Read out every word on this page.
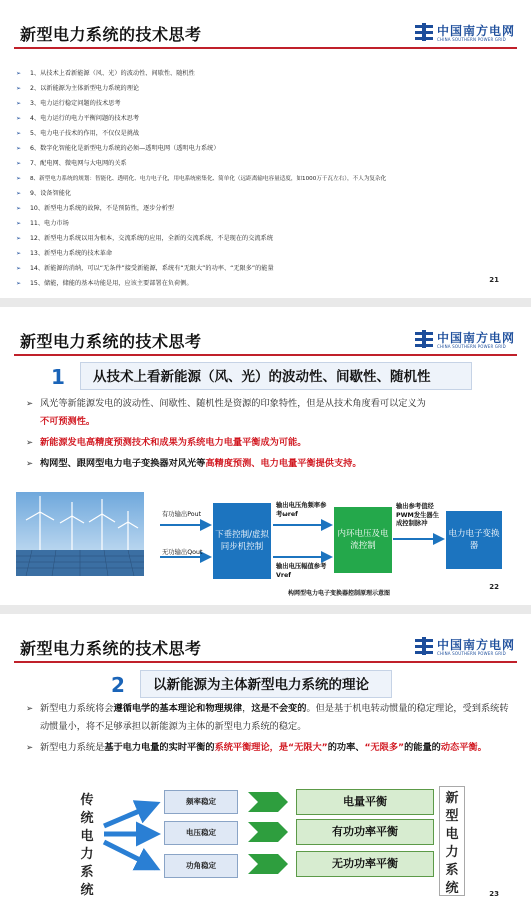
新型电力系统的技术思考	中国南方电网
CHINA SOUTHERN POWER GRID
➢ 1、从技术上看新能源（风、光）的波动性、间歇性、随机性
➢ 2、以新能源为主体新型电力系统的理论
➢ 3、电力运行稳定问题的技术思考
➢ 4、电力运行的电力平衡问题的技术思考
➢ 5、电力电子技术的作用，不仅仅是挑战
➢ 6、数字化智能化是新型电力系统的必须—透明电网（透明电力系统）
➢ 7、配电网、微电网与大电网的关系
➢ 8、新型电力系统的规划：智能化、透明化、电力电子化，用电系统密集化、简单化（远距离输电容量适度，如1000万千瓦左右），不人为复杂化
➢ 9、设备智能化
➢ 10、新型电力系统的故障，不是预防性，逐步分析型
➢ 11、电力市场
➢ 12、新型电力系统以用为根本，交流系统的应用，全新的交流系统，不是现在的交流系统
➢ 13、新型电力系统的技术革命
➢ 14、新能源的消纳，可以“无条件”接受新能源，系统有“无限大”的功率、“无限多”的能量
➢ 15、储能，储能的基本功能是用，应该主要部署在负荷侧。	21
新型电力系统的技术思考	中国南方电网
CHINA SOUTHERN POWER GRID
1	从技术上看新能源（风、光）的波动性、间歇性、随机性
➢ 风光等新能源发电的波动性、间歇性、随机性是资源的印象特性，但是从技术角度看可以定义为
不可预测性。
➢ 新能源发电高精度预测技术和成果为系统电力电量平衡成为可能。
➢ 构网型、跟网型电力电子变换器对风光等高精度预测、电力电量平衡提供支持。
有功输出Pout
无功输出Qout
下垂控制/虚拟同步机控制
输出电压角频率参考ωref
输出电压幅值参考Vref
内环电压及电流控制
输出参考值经PWM发生器生成控制脉冲
电力电子变换器
构网型电力电子变换器控制原理示意图
22
新型电力系统的技术思考	中国南方电网
CHINA SOUTHERN POWER GRID
2	以新能源为主体新型电力系统的理论
➢ 新型电力系统将会遵循电学的基本理论和物理规律，这是不会变的。但是基于机电转动惯量的稳定理论，受到系统转动惯量小，将不足够承担以新能源为主体的新型电力系统的稳定。
➢ 新型电力系统是基于电力电量的实时平衡的系统平衡理论，是“无限大”的功率、“无限多”的能量的动态平衡。
传
统
电
力
系
统
频率稳定
电压稳定
功角稳定
电量平衡
有功功率平衡
无功功率平衡
新
型
电
力
系
统	23
